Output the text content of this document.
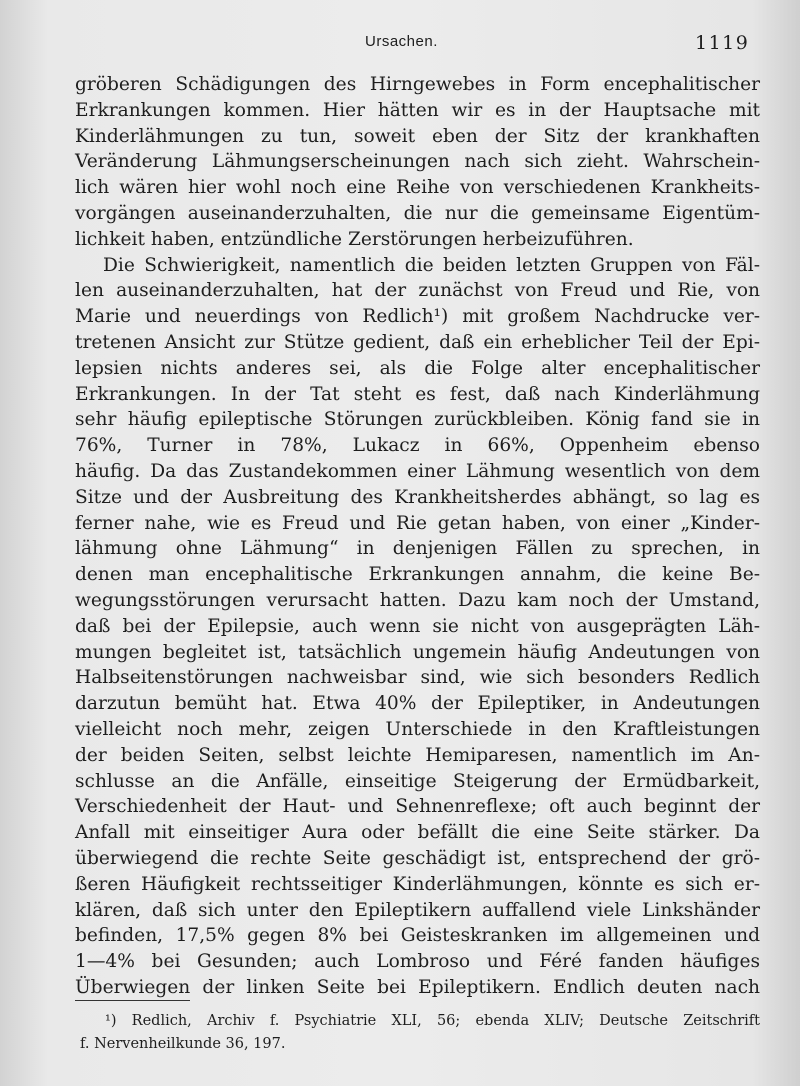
Ursachen.	1119
gröberen Schädigungen des Hirngewebes in Form encephalitischer
Erkrankungen kommen. Hier hätten wir es in der Hauptsache mit
Kinderlähmungen zu tun, soweit eben der Sitz der krankhaften
Veränderung Lähmungserscheinungen nach sich zieht. Wahrschein-
lich wären hier wohl noch eine Reihe von verschiedenen Krankheits-
vorgängen auseinanderzuhalten, die nur die gemeinsame Eigentüm-
lichkeit haben, entzündliche Zerstörungen herbeizuführen.
Die Schwierigkeit, namentlich die beiden letzten Gruppen von Fäl-
len auseinanderzuhalten, hat der zunächst von Freud und Rie, von
Marie und neuerdings von Redlich¹) mit großem Nachdrucke ver-
tretenen Ansicht zur Stütze gedient, daß ein erheblicher Teil der Epi-
lepsien nichts anderes sei, als die Folge alter encephalitischer
Erkrankungen. In der Tat steht es fest, daß nach Kinderlähmung
sehr häufig epileptische Störungen zurückbleiben. König fand sie in
76%, Turner in 78%, Lukacz in 66%, Oppenheim ebenso
häufig. Da das Zustandekommen einer Lähmung wesentlich von dem
Sitze und der Ausbreitung des Krankheitsherdes abhängt, so lag es
ferner nahe, wie es Freud und Rie getan haben, von einer „Kinder-
lähmung ohne Lähmung“ in denjenigen Fällen zu sprechen, in
denen man encephalitische Erkrankungen annahm, die keine Be-
wegungsstörungen verursacht hatten. Dazu kam noch der Umstand,
daß bei der Epilepsie, auch wenn sie nicht von ausgeprägten Läh-
mungen begleitet ist, tatsächlich ungemein häufig Andeutungen von
Halbseitenstörungen nachweisbar sind, wie sich besonders Redlich
darzutun bemüht hat. Etwa 40% der Epileptiker, in Andeutungen
vielleicht noch mehr, zeigen Unterschiede in den Kraftleistungen
der beiden Seiten, selbst leichte Hemiparesen, namentlich im An-
schlusse an die Anfälle, einseitige Steigerung der Ermüdbarkeit,
Verschiedenheit der Haut- und Sehnenreflexe; oft auch beginnt der
Anfall mit einseitiger Aura oder befällt die eine Seite stärker. Da
überwiegend die rechte Seite geschädigt ist, entsprechend der grö-
ßeren Häufigkeit rechtsseitiger Kinderlähmungen, könnte es sich er-
klären, daß sich unter den Epileptikern auffallend viele Linkshänder
befinden, 17,5% gegen 8% bei Geisteskranken im allgemeinen und
1—4% bei Gesunden; auch Lombroso und Féré fanden häufiges
Überwiegen der linken Seite bei Epileptikern. Endlich deuten nach
¹) Redlich, Archiv f. Psychiatrie XLI, 56; ebenda XLIV; Deutsche Zeitschrift
f. Nervenheilkunde 36, 197.
